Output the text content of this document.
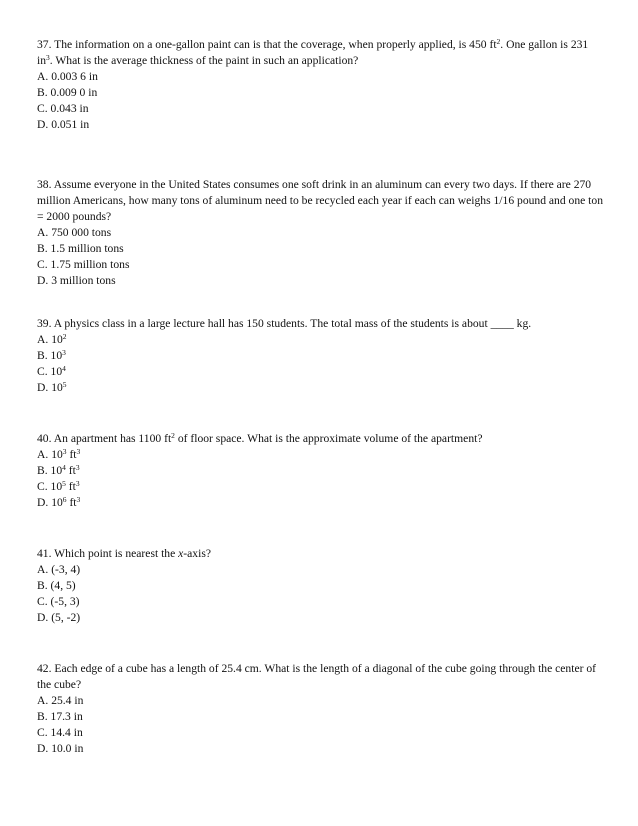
37. The information on a one-gallon paint can is that the coverage, when properly applied, is 450 $ft^2$. One gallon is 231 $in^3$. What is the average thickness of the paint in such an application?

A. 0.003 6 in

B. 0.009 0 in

C. 0.043 in

D. 0.051 in

38. Assume everyone in the United States consumes one soft drink in an aluminum can every two days. If there are 270 million Americans, how many tons of aluminum need to be recycled each year if each can weighs 1/16 pound and one ton = 2000 pounds?

A. 750 000 tons

B. 1.5 million tons

C. 1.75 million tons

D. 3 million tons

39. A physics class in a large lecture hall has 150 students. The total mass of the students is about ____ kg.

A. $10^2$

B. $10^3$

C. $10^4$

D. $10^5$

40. An apartment has 1100 $ft^2$ of floor space. What is the approximate volume of the apartment?

A. $10^3$ $ft^3$

B. $10^4$ $ft^3$

C. $10^5$ $ft^3$

D. $10^6$ $ft^3$

41. Which point is nearest the x-axis?

A. (-3, 4)

B. (4, 5)

C. (-5, 3)

D. (5, -2)

42. Each edge of a cube has a length of 25.4 cm. What is the length of a diagonal of the cube going through the center of the cube?

A. 25.4 in

B. 17.3 in

C. 14.4 in

D. 10.0 in
